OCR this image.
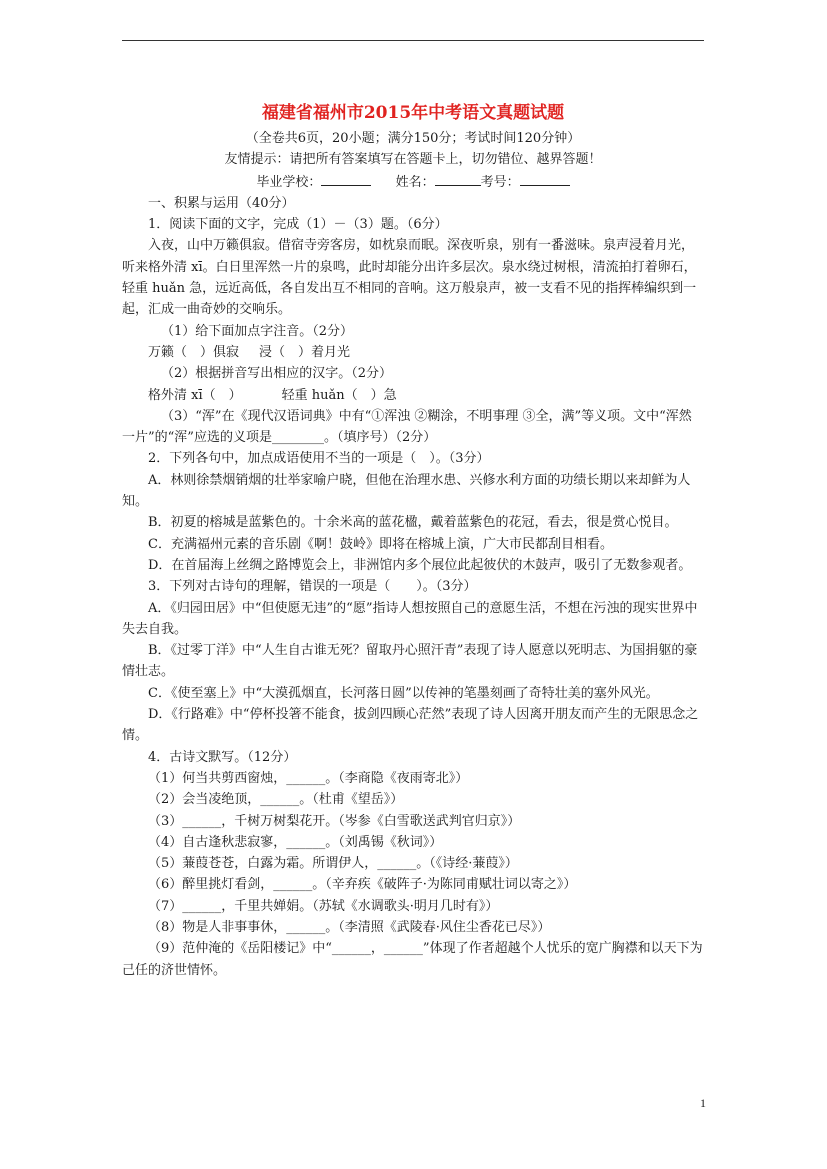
福建省福州市2015年中考语文真题试题
（全卷共6页，20小题；满分150分；考试时间120分钟）
友情提示：请把所有答案填写在答题卡上，切勿错位、越界答题！
毕业学校：	姓名：	考号：

一、积累与运用（40分）

1．阅读下面的文字，完成（1）－（3）题。（6分）

入夜，山中万籁俱寂。借宿寺旁客房，如枕泉而眠。深夜听泉，别有一番滋味。泉声浸着月光，听来格外清 xī。白日里浑然一片的泉鸣，此时却能分出许多层次。泉水绕过树根，清流拍打着卵石，轻重 huǎn 急，远近高低，各自发出互不相同的音响。这万般泉声，被一支看不见的指挥棒编织到一起，汇成一曲奇妙的交响乐。

（1）给下面加点字注音。（2分）

万籁（　）俱寂 浸（　）着月光

（2）根据拼音写出相应的汉字。（2分）

格外清 xī（　）	轻重 huǎn（　）急

（3）“浑”在《现代汉语词典》中有“①浑浊 ②糊涂，不明事理 ③全，满”等义项。文中“浑然一片”的“浑”应选的义项是________。（填序号）（2分）

2．下列各句中，加点成语使用不当的一项是（　）。（3分）

A．林则徐禁烟销烟的壮举家喻户晓，但他在治理水患、兴修水利方面的功绩长期以来却鲜为人知。

B．初夏的榕城是蓝紫色的。十余米高的蓝花楹，戴着蓝紫色的花冠，看去，很是赏心悦目。

C．充满福州元素的音乐剧《啊！鼓岭》即将在榕城上演，广大市民都刮目相看。

D．在首届海上丝绸之路博览会上，非洲馆内多个展位此起彼伏的木鼓声，吸引了无数参观者。

3．下列对古诗句的理解，错误的一项是（　　）。（3分）

A．《归园田居》中“但使愿无违”的“愿”指诗人想按照自己的意愿生活，不想在污浊的现实世界中失去自我。

B．《过零丁洋》中“人生自古谁无死？留取丹心照汗青”表现了诗人愿意以死明志、为国捐躯的豪情壮志。

C．《使至塞上》中“大漠孤烟直，长河落日圆”以传神的笔墨刻画了奇特壮美的塞外风光。

D．《行路难》中“停杯投箸不能食，拔剑四顾心茫然”表现了诗人因离开朋友而产生的无限思念之情。

4．古诗文默写。（12分）

（1）何当共剪西窗烛，______。（李商隐《夜雨寄北》）

（2）会当凌绝顶，______。（杜甫《望岳》）

（3）______，千树万树梨花开。（岑参《白雪歌送武判官归京》）

（4）自古逢秋悲寂寥，______。（刘禹锡《秋词》）

（5）蒹葭苍苍，白露为霜。所谓伊人，______。（《诗经·蒹葭》）

（6）醉里挑灯看剑，______。（辛弃疾《破阵子·为陈同甫赋壮词以寄之》）

（7）______，千里共婵娟。（苏轼《水调歌头·明月几时有》）

（8）物是人非事事休，______。（李清照《武陵春·风住尘香花已尽》）

（9）范仲淹的《岳阳楼记》中“______，______”体现了作者超越个人忧乐的宽广胸襟和以天下为己任的济世情怀。

1
